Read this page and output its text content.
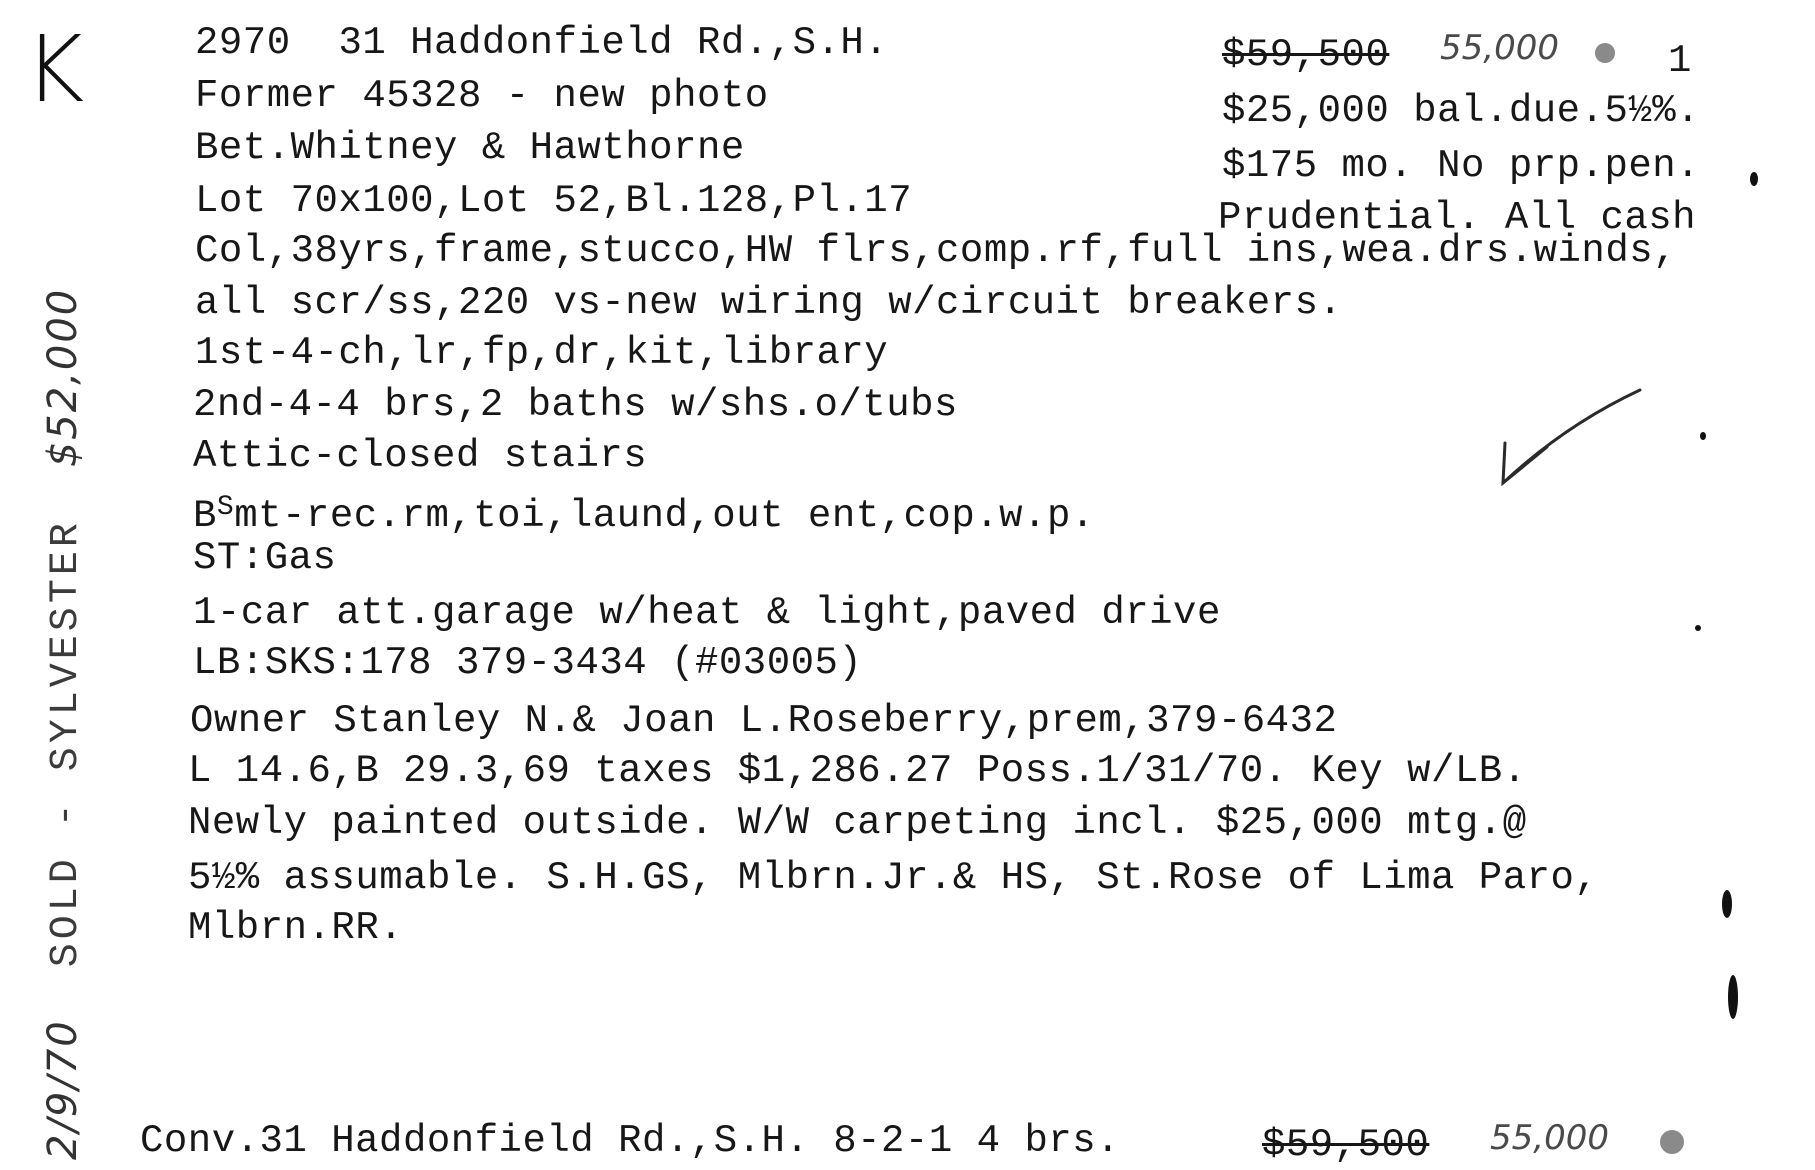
K
2/9/70 SOLD - SYLVESTER $52,000
2970 31 Haddonfield Rd.,S.H.
Former 45328 - new photo
Bet.Whitney & Hawthorne
Lot 70x100,Lot 52,Bl.128,Pl.17
$59,500 55,000	1
$25,000 bal.due.5½%.
$175 mo. No prp.pen.
Prudential. All cash
Col,38yrs,frame,stucco,HW flrs,comp.rf,full ins,wea.drs.winds,
all scr/ss,220 vs-new wiring w/circuit breakers.
1st-4-ch,lr,fp,dr,kit,library
2nd-4-4 brs,2 baths w/shs.o/tubs
Attic-closed stairs
$B^Smt-rec.rm,toi,laund,out$ ent,cop.w.p.
ST:Gas
1-car att.garage w/heat & light,paved drive
LB:SKS:178 379-3434 (#03005)
Owner Stanley N.& Joan L.Roseberry,prem,379-6432
L 14.6,B 29.3,69 taxes $1,286.27 Poss.1/31/70. Key w/LB.
Newly painted outside. W/W carpeting incl. $25,000 mtg.@
5½% assumable. S.H.GS, Mlbrn.Jr.& HS, St.Rose of Lima Paro,
Mlbrn.RR.
Conv.31 Haddonfield Rd.,S.H. 8-2-1 4 brs.	$59,500 55,000
